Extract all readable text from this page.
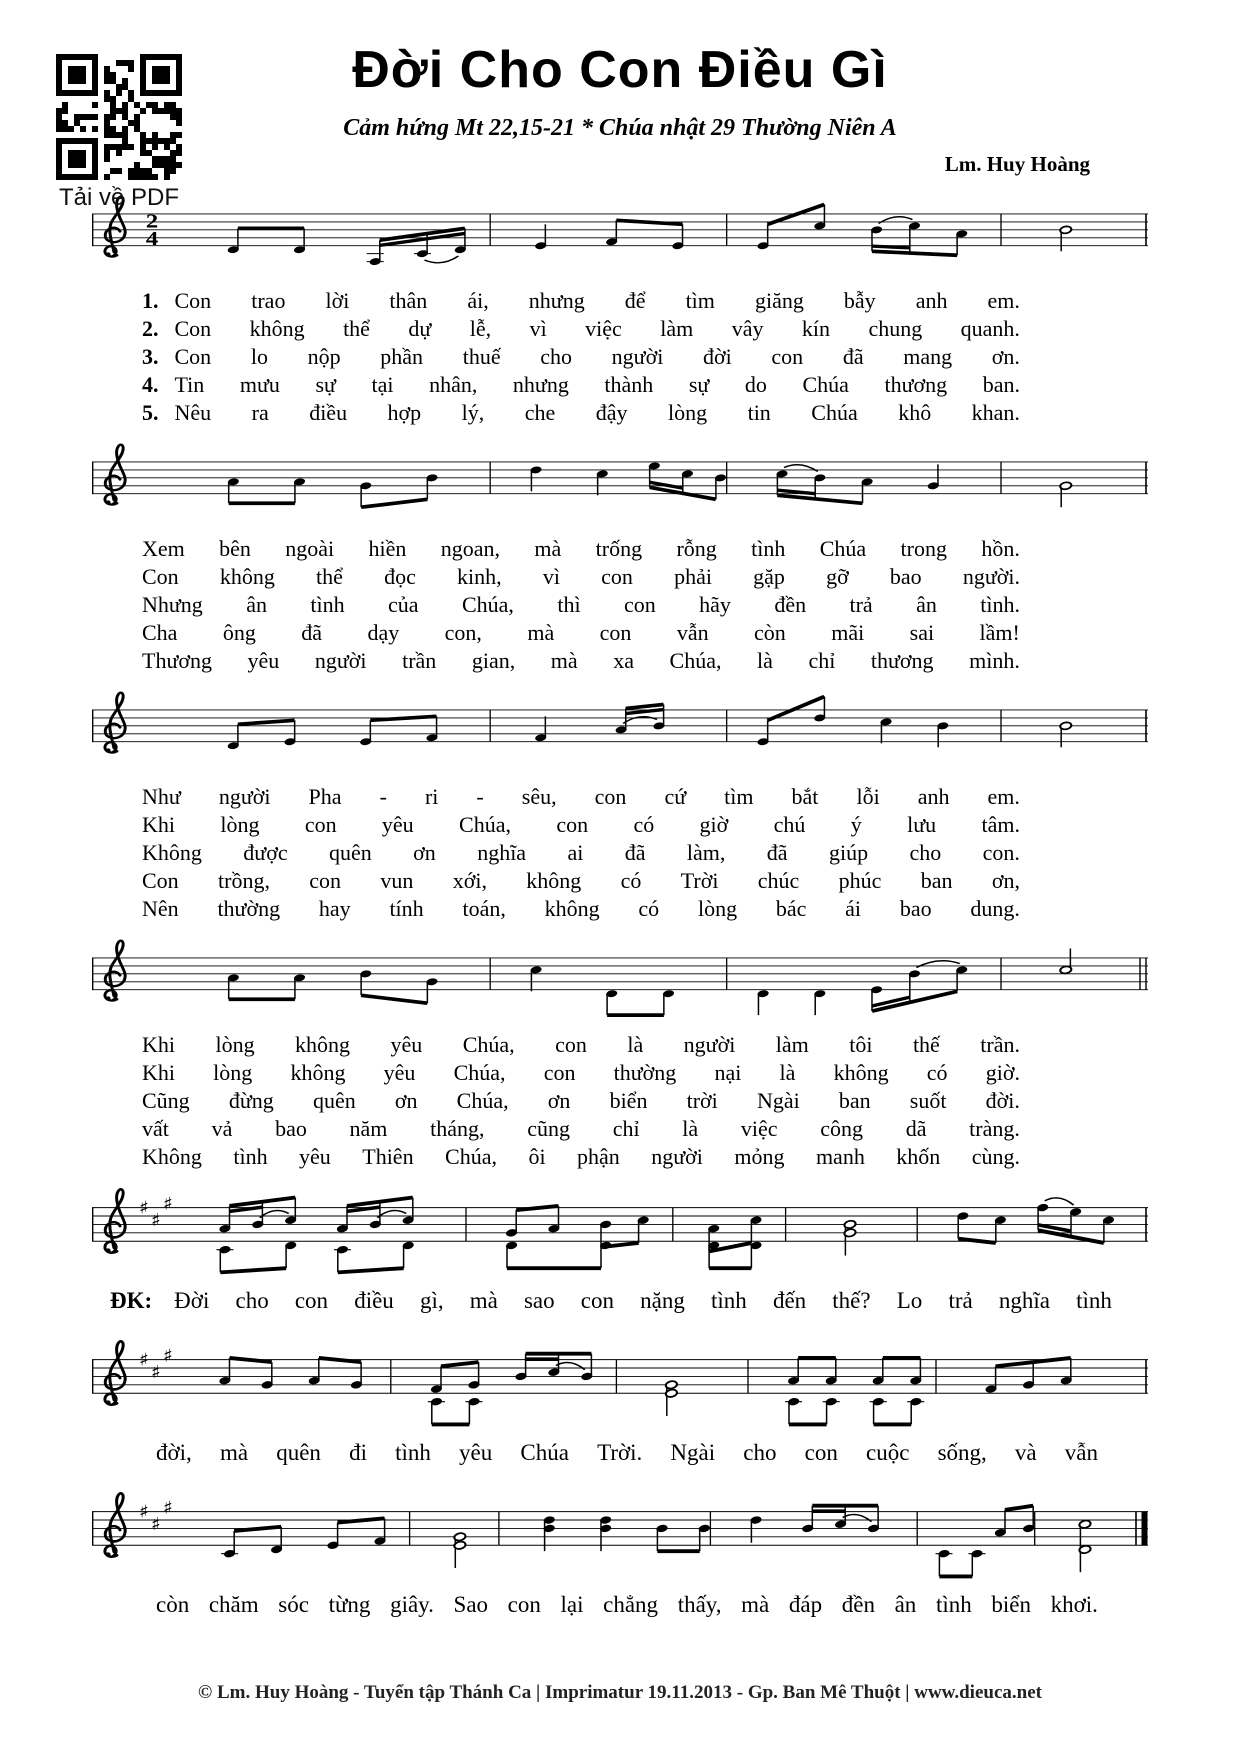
Tải về PDF
Đời Cho Con Điều Gì
Cảm hứng Mt 22,15-21 * Chúa nhật 29 Thường Niên A
Lm. Huy Hoàng
2
4
1. Con trao lời thân ái, nhưng để tìm giăng bẫy anh em.
2. Con không thể dự lễ, vì việc làm vây kín chung quanh.
3. Con lo nộp phần thuế cho người đời con đã mang ơn.
4. Tin mưu sự tại nhân, nhưng thành sự do Chúa thương ban.
5. Nêu ra điều hợp lý, che đậy lòng tin Chúa khô khan.
Xem bên ngoài hiền ngoan, mà trống rỗng tình Chúa trong hồn.
Con không thể đọc kinh, vì con phải gặp gỡ bao người.
Nhưng ân tình của Chúa, thì con hãy đền trả ân tình.
Cha ông đã dạy con, mà con vẫn còn mãi sai lầm!
Thương yêu người trần gian, mà xa Chúa, là chỉ thương mình.
Như người Pha - ri - sêu, con cứ tìm bắt lỗi anh em.
Khi lòng con yêu Chúa, con có giờ chú ý lưu tâm.
Không được quên ơn nghĩa ai đã làm, đã giúp cho con.
Con trồng, con vun xới, không có Trời chúc phúc ban ơn,
Nên thường hay tính toán, không có lòng bác ái bao dung.
Khi lòng không yêu Chúa, con là người làm tôi thế trần.
Khi lòng không yêu Chúa, con thường nại là không có giờ.
Cũng đừng quên ơn Chúa, ơn biển trời Ngài ban suốt đời.
vất vả bao năm tháng, cũng chỉ là việc công dã tràng.
Không tình yêu Thiên Chúa, ôi phận người mỏng manh khốn cùng.
♯
♯
♯
ĐK: Đời cho con điều gì, mà sao con nặng tình đến thế? Lo trả nghĩa tình
♯
♯
♯
đời, mà quên đi tình yêu Chúa Trời. Ngài cho con cuộc sống, và vẫn
♯
♯
♯
còn chăm sóc từng giây. Sao con lại chẳng thấy, mà đáp đền ân tình biển khơi.
© Lm. Huy Hoàng - Tuyển tập Thánh Ca | Imprimatur 19.11.2013 - Gp. Ban Mê Thuột | www.dieuca.net
